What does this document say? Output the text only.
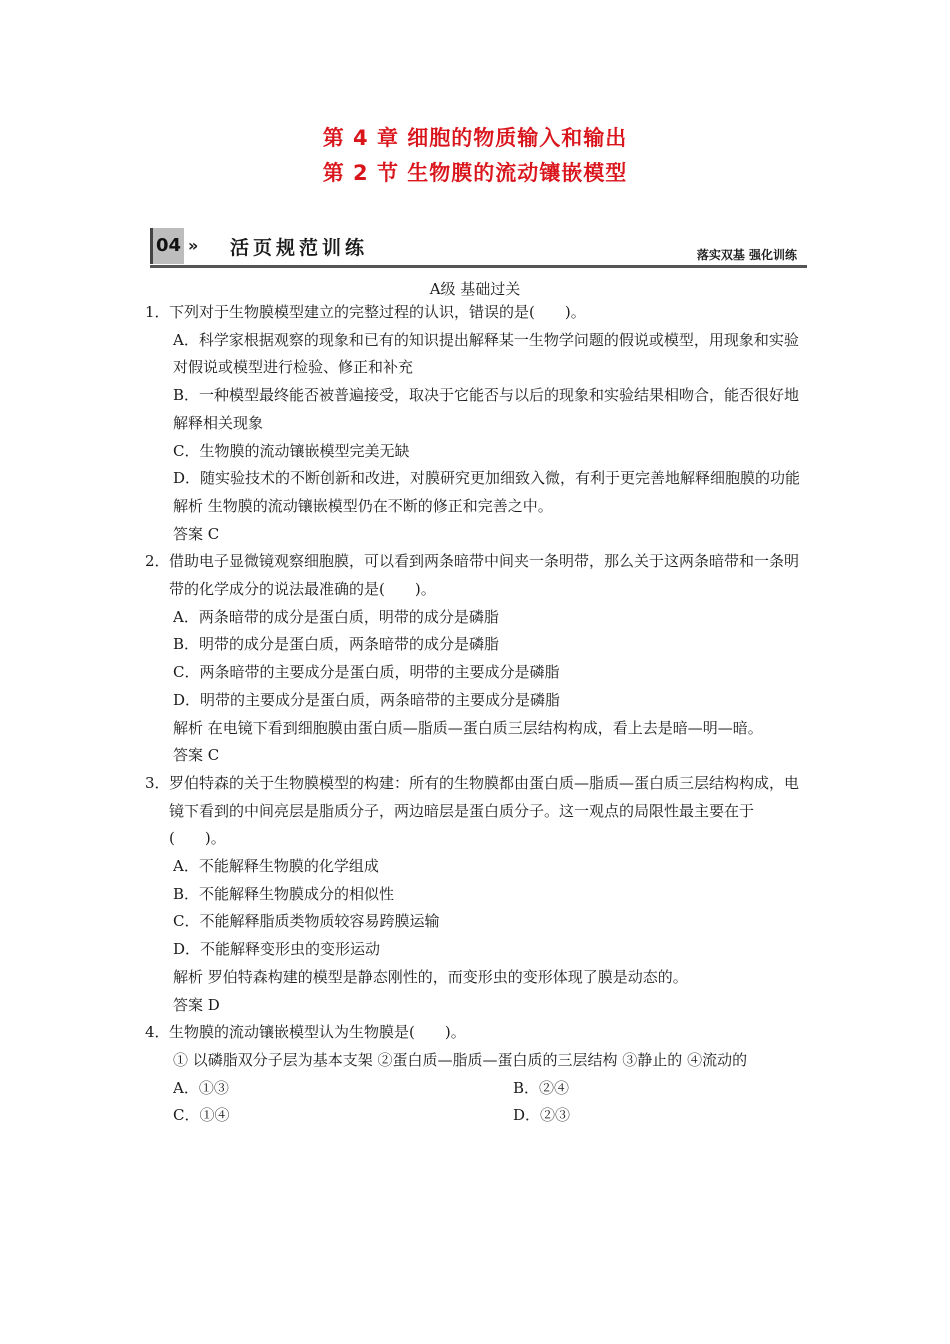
第 4 章 细胞的物质输入和输出
第 2 节 生物膜的流动镶嵌模型
04 » 活页规范训练	落实双基 强化训练
A级 基础过关
1．下列对于生物膜模型建立的完整过程的认识，错误的是(　　)。
A．科学家根据观察的现象和已有的知识提出解释某一生物学问题的假说或模型，用现象和实验对假说或模型进行检验、修正和补充
B．一种模型最终能否被普遍接受，取决于它能否与以后的现象和实验结果相吻合，能否很好地解释相关现象
C．生物膜的流动镶嵌模型完美无缺
D．随实验技术的不断创新和改进，对膜研究更加细致入微，有利于更完善地解释细胞膜的功能
解析 生物膜的流动镶嵌模型仍在不断的修正和完善之中。
答案 C
2．借助电子显微镜观察细胞膜，可以看到两条暗带中间夹一条明带，那么关于这两条暗带和一条明带的化学成分的说法最准确的是(　　)。
A．两条暗带的成分是蛋白质，明带的成分是磷脂
B．明带的成分是蛋白质，两条暗带的成分是磷脂
C．两条暗带的主要成分是蛋白质，明带的主要成分是磷脂
D．明带的主要成分是蛋白质，两条暗带的主要成分是磷脂
解析 在电镜下看到细胞膜由蛋白质—脂质—蛋白质三层结构构成，看上去是暗—明—暗。
答案 C
3．罗伯特森的关于生物膜模型的构建：所有的生物膜都由蛋白质—脂质—蛋白质三层结构构成，电镜下看到的中间亮层是脂质分子，两边暗层是蛋白质分子。这一观点的局限性最主要在于(　　)。
A．不能解释生物膜的化学组成
B．不能解释生物膜成分的相似性
C．不能解释脂质类物质较容易跨膜运输
D．不能解释变形虫的变形运动
解析 罗伯特森构建的模型是静态刚性的，而变形虫的变形体现了膜是动态的。
答案 D
4．生物膜的流动镶嵌模型认为生物膜是(　　)。
① 以磷脂双分子层为基本支架 ②蛋白质—脂质—蛋白质的三层结构 ③静止的 ④流动的
A．①③	B．②④
C．①④	D．②③
